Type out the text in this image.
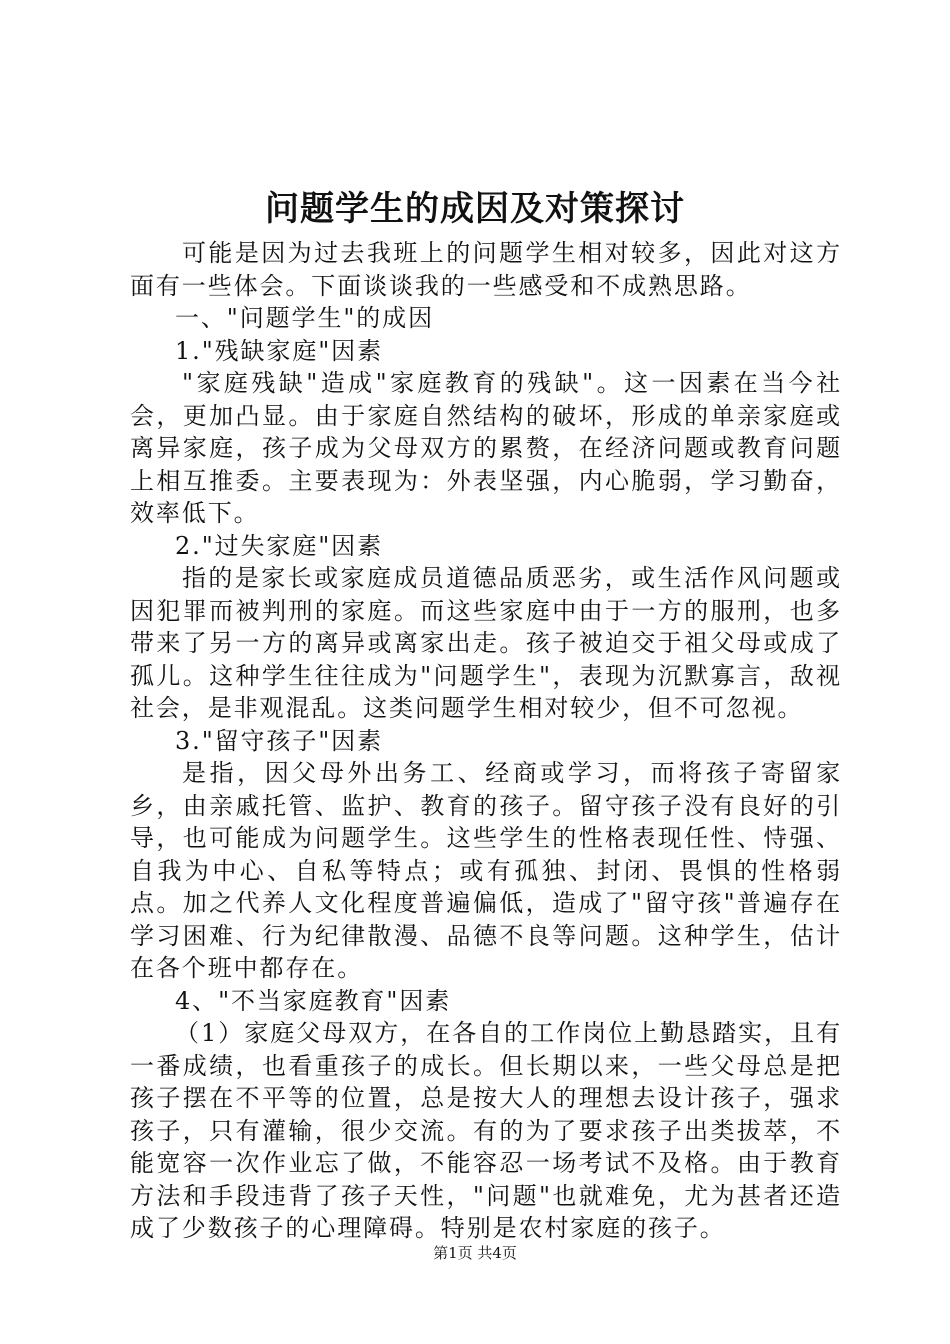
问题学生的成因及对策探讨

可能是因为过去我班上的问题学生相对较多，因此对这方面有一些体会。下面谈谈我的一些感受和不成熟思路。

一、"问题学生"的成因

1."残缺家庭"因素

"家庭残缺"造成"家庭教育的残缺"。这一因素在当今社会，更加凸显。由于家庭自然结构的破坏，形成的单亲家庭或离异家庭，孩子成为父母双方的累赘，在经济问题或教育问题上相互推委。主要表现为：外表坚强，内心脆弱，学习勤奋，效率低下。

2."过失家庭"因素

指的是家长或家庭成员道德品质恶劣，或生活作风问题或因犯罪而被判刑的家庭。而这些家庭中由于一方的服刑，也多带来了另一方的离异或离家出走。孩子被迫交于祖父母或成了孤儿。这种学生往往成为"问题学生"，表现为沉默寡言，敌视社会，是非观混乱。这类问题学生相对较少，但不可忽视。

3."留守孩子"因素

是指，因父母外出务工、经商或学习，而将孩子寄留家乡，由亲戚托管、监护、教育的孩子。留守孩子没有良好的引导，也可能成为问题学生。这些学生的性格表现任性、恃强、自我为中心、自私等特点；或有孤独、封闭、畏惧的性格弱点。加之代养人文化程度普遍偏低，造成了"留守孩"普遍存在学习困难、行为纪律散漫、品德不良等问题。这种学生，估计在各个班中都存在。

4、"不当家庭教育"因素

（1）家庭父母双方，在各自的工作岗位上勤恳踏实，且有一番成绩，也看重孩子的成长。但长期以来，一些父母总是把孩子摆在不平等的位置，总是按大人的理想去设计孩子，强求孩子，只有灌输，很少交流。有的为了要求孩子出类拔萃，不能宽容一次作业忘了做，不能容忍一场考试不及格。由于教育方法和手段违背了孩子天性，"问题"也就难免，尤为甚者还造成了少数孩子的心理障碍。特别是农村家庭的孩子。

第1页 共4页
